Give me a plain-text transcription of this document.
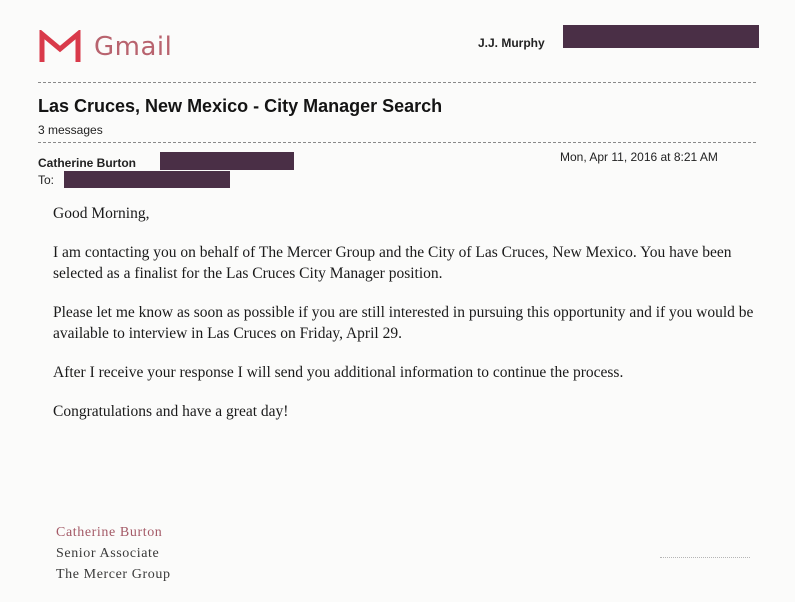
Gmail	J.J. Murphy
Las Cruces, New Mexico - City Manager Search
3 messages
Catherine Burton
To:
Mon, Apr 11, 2016 at 8:21 AM

Good Morning,

I am contacting you on behalf of The Mercer Group and the City of Las Cruces, New Mexico. You have been selected as a finalist for the Las Cruces City Manager position.

Please let me know as soon as possible if you are still interested in pursuing this opportunity and if you would be available to interview in Las Cruces on Friday, April 29.

After I receive your response I will send you additional information to continue the process.

Congratulations and have a great day!

Catherine Burton
Senior Associate
The Mercer Group
